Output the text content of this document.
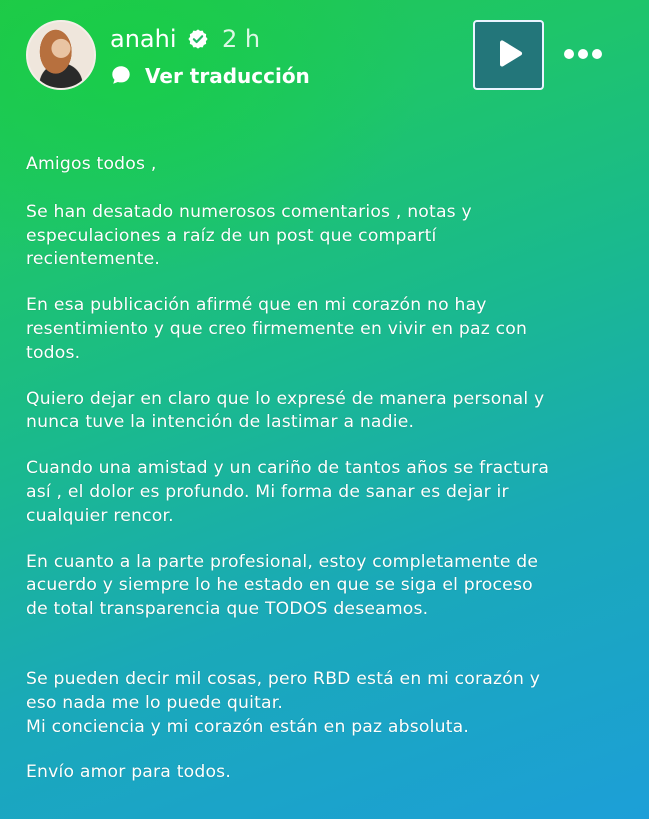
anahi 2 h
Ver traducción

Amigos todos ,

Se han desatado numerosos comentarios , notas y
especulaciones a raíz de un post que compartí
recientemente.

En esa publicación afirmé que en mi corazón no hay
resentimiento y que creo firmemente en vivir en paz con
todos.

Quiero dejar en claro que lo expresé de manera personal y
nunca tuve la intención de lastimar a nadie.

Cuando una amistad y un cariño de tantos años se fractura
así , el dolor es profundo. Mi forma de sanar es dejar ir
cualquier rencor.

En cuanto a la parte profesional, estoy completamente de
acuerdo y siempre lo he estado en que se siga el proceso
de total transparencia que TODOS deseamos.

Se pueden decir mil cosas, pero RBD está en mi corazón y
eso nada me lo puede quitar.
Mi conciencia y mi corazón están en paz absoluta.

Envío amor para todos.
